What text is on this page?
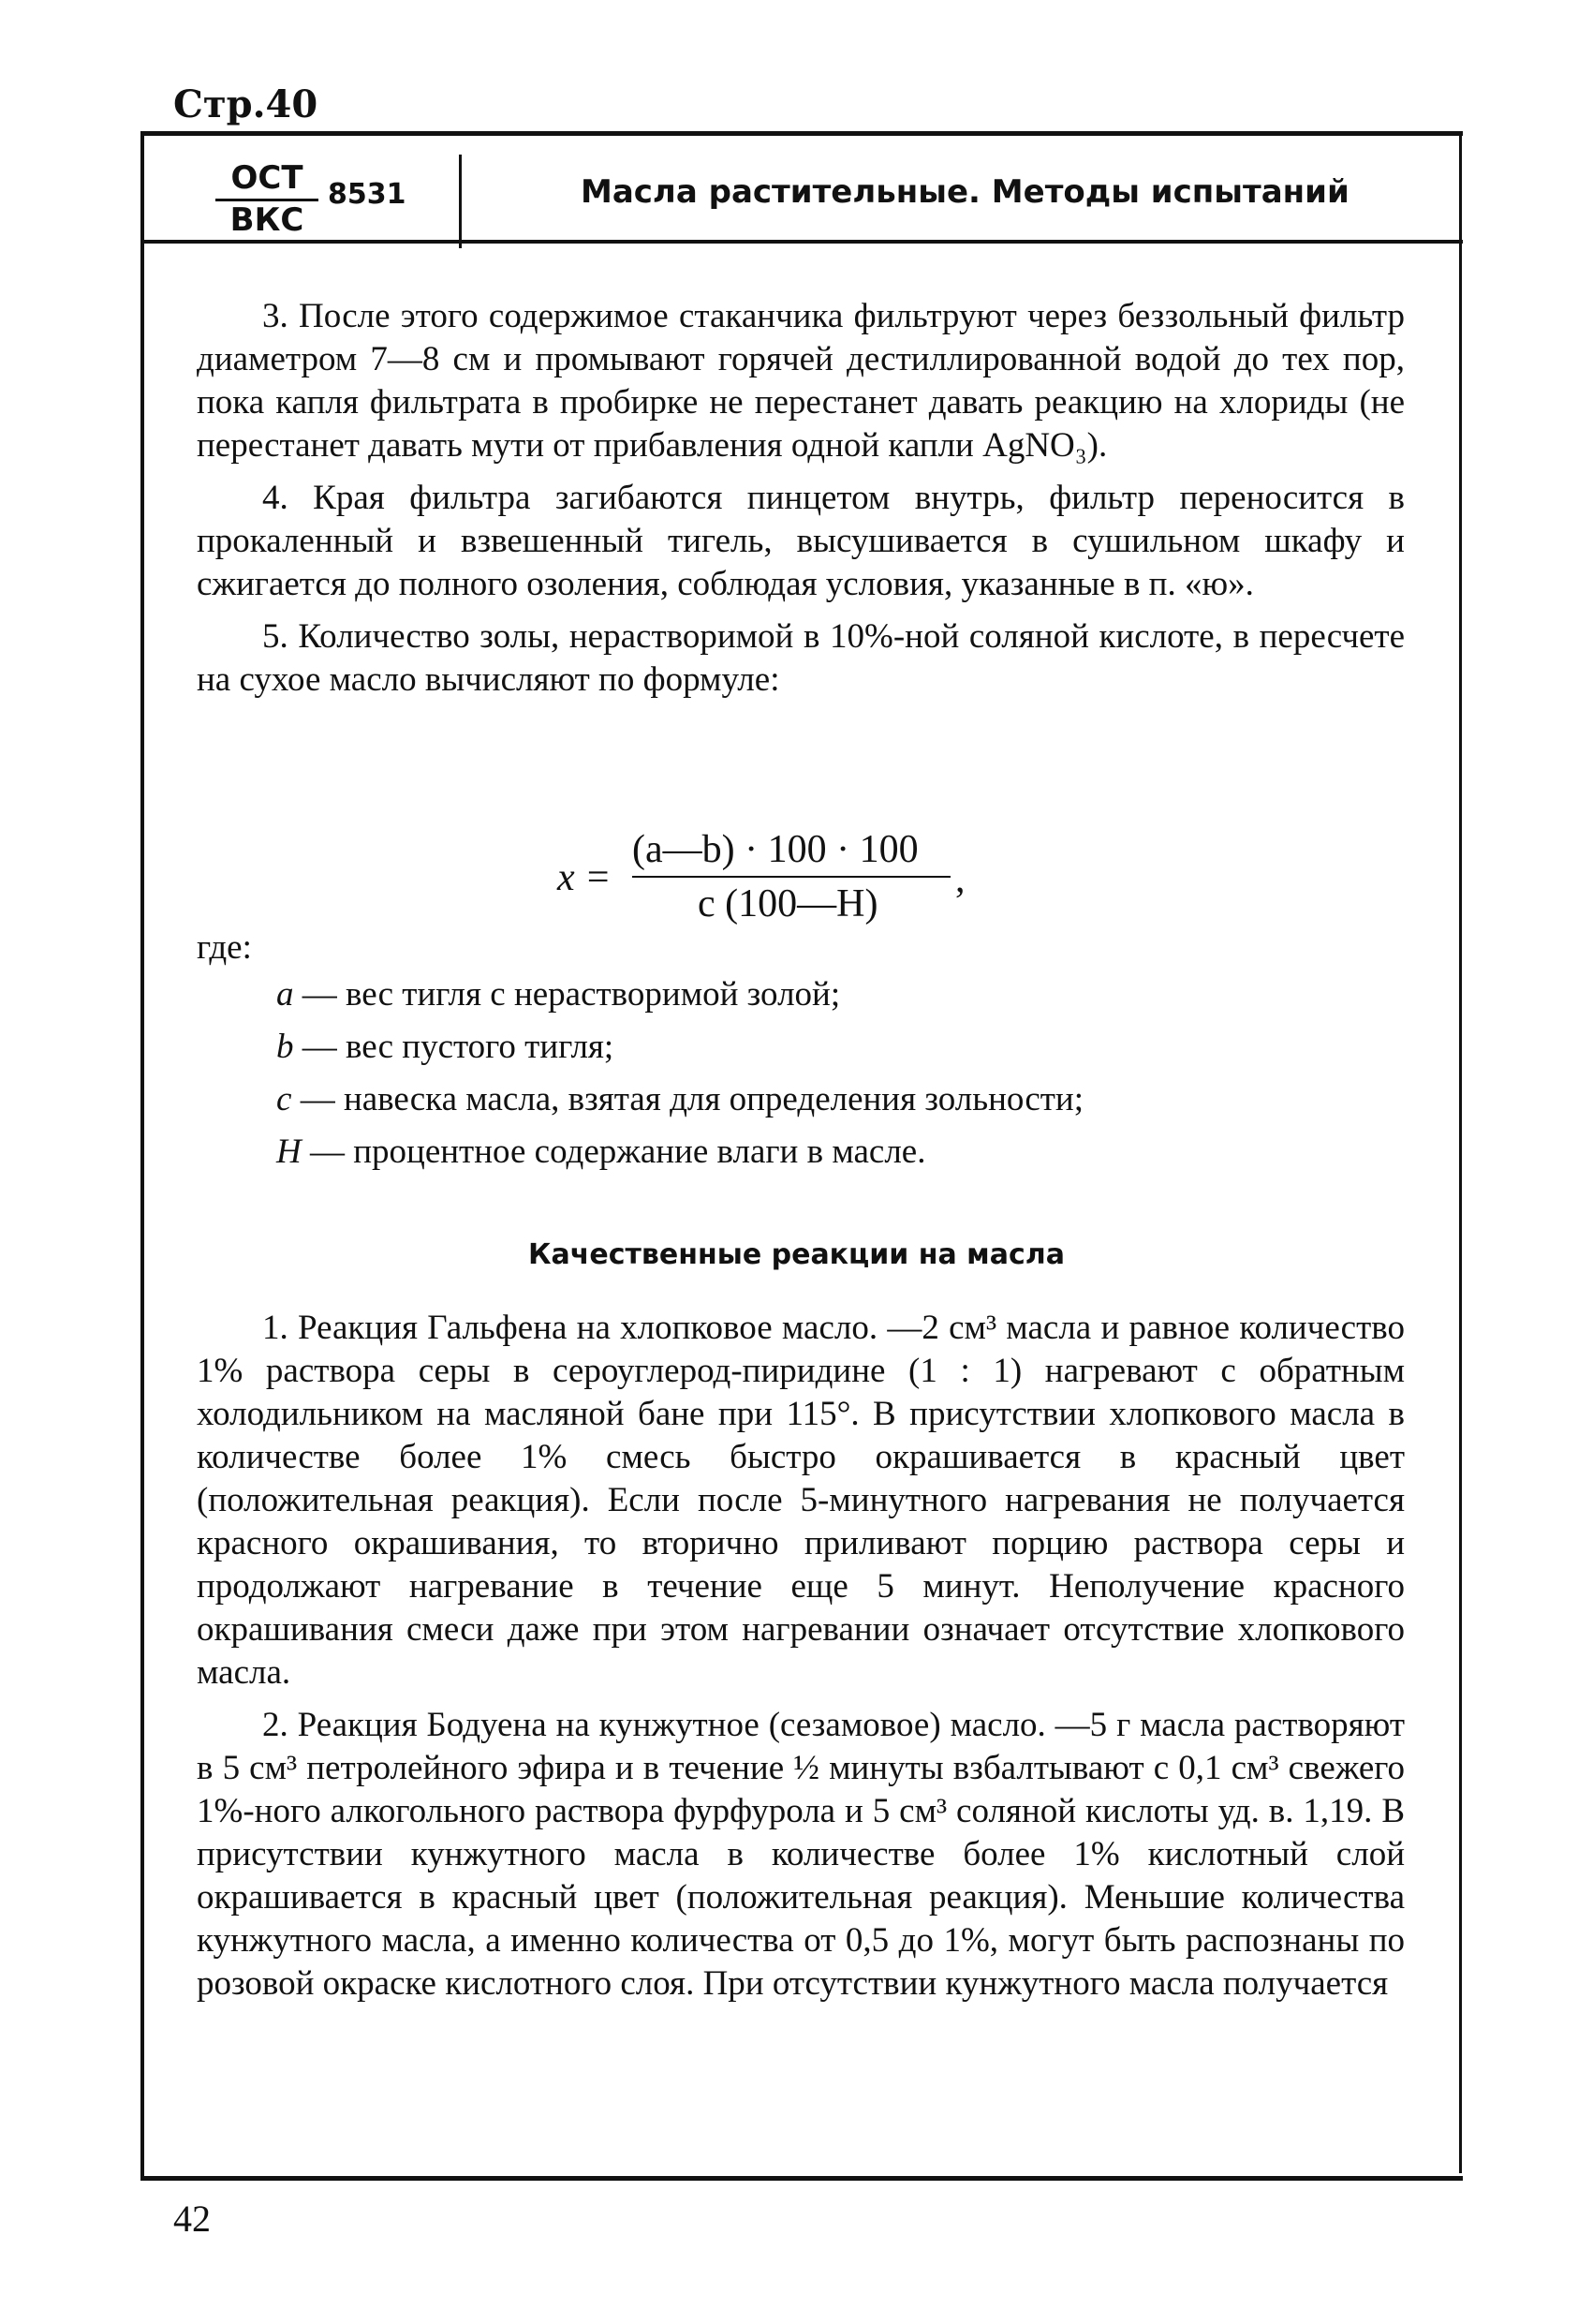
Стр.40
ОСТ
ВКС
8531	Масла растительные. Методы испытаний

3. После этого содержимое стаканчика фильтруют через беззольный фильтр диаметром 7—8 см и промывают горячей дестиллированной водой до тех пор, пока капля фильтрата в пробирке не перестанет давать реакцию на хлориды (не перестанет давать мути от прибавления одной капли AgNO₃).

4. Края фильтра загибаются пинцетом внутрь, фильтр переносится в прокаленный и взвешенный тигель, высушивается в сушильном шкафу и сжигается до полного озоления, соблюдая условия, указанные в п. «ю».

5. Количество золы, нерастворимой в 10%-ной соляной кислоте, в пересчете на сухое масло вычисляют по формуле:

x =
(a—b) · 100 · 100
c (100—H)
,
где:
a — вес тигля с нерастворимой золой;
b — вес пустого тигля;
c — навеска масла, взятая для определения зольности;
H — процентное содержание влаги в масле.
Качественные реакции на масла

1. Реакция Гальфена на хлопковое масло. —2 см³ масла и равное количество 1% раствора серы в сероуглерод-пиридине (1 : 1) нагревают с обратным холодильником на масляной бане при 115°. В присутствии хлопкового масла в количестве более 1% смесь быстро окрашивается в красный цвет (положительная реакция). Если после 5-минутного нагревания не получается красного окрашивания, то вторично приливают порцию раствора серы и продолжают нагревание в течение еще 5 минут. Неполучение красного окрашивания смеси даже при этом нагревании означает отсутствие хлопкового масла.

2. Реакция Бодуена на кунжутное (сезамовое) масло. —5 г масла растворяют в 5 см³ петролейного эфира и в течение ½ минуты взбалтывают с 0,1 см³ свежего 1%-ного алкогольного раствора фурфурола и 5 см³ соляной кислоты уд. в. 1,19. В присутствии кунжутного масла в количестве более 1% кислотный слой окрашивается в красный цвет (положительная реакция). Меньшие количества кунжутного масла, а именно количества от 0,5 до 1%, могут быть распознаны по розовой окраске кислотного слоя. При отсутствии кунжутного масла получается

42
